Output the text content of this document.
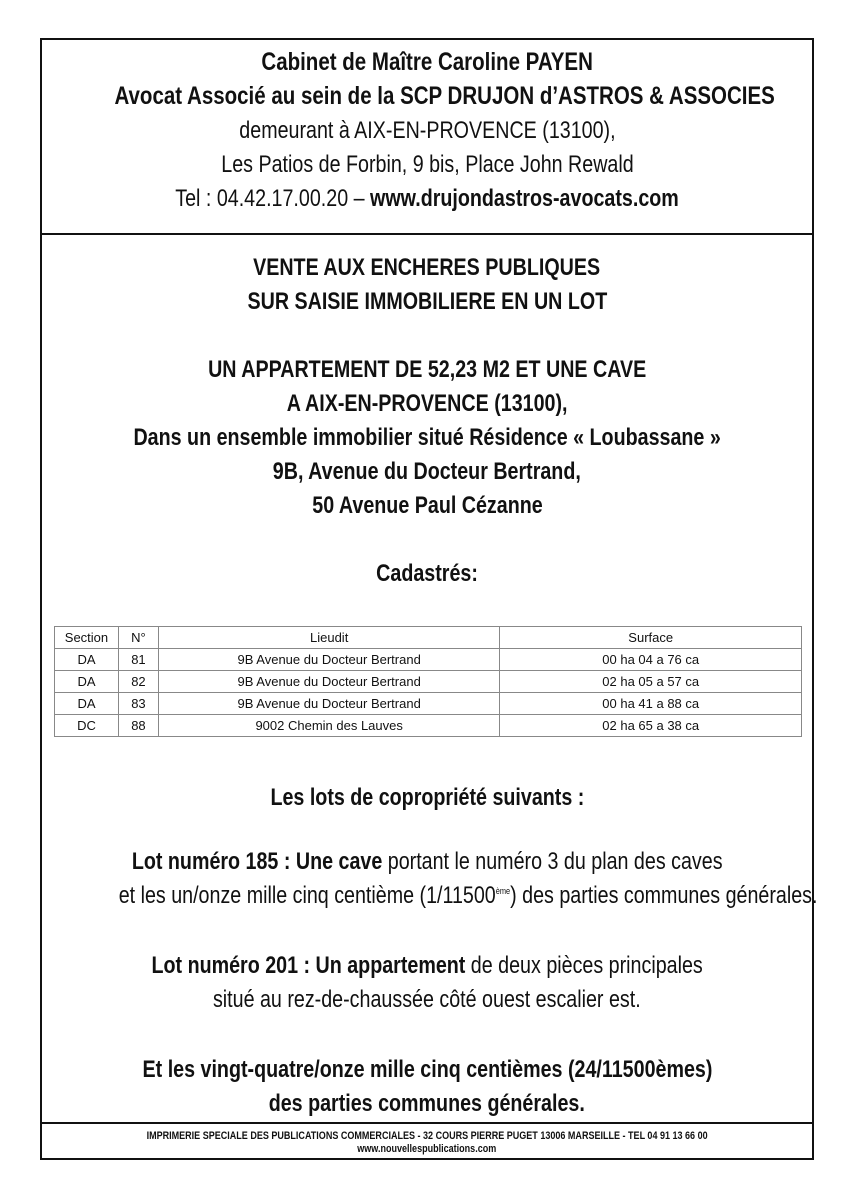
Cabinet de Maître Caroline PAYEN
Avocat Associé au sein de la SCP DRUJON d’ASTROS & ASSOCIES
demeurant à AIX-EN-PROVENCE (13100),
Les Patios de Forbin, 9 bis, Place John Rewald
Tel : 04.42.17.00.20 – www.drujondastros-avocats.com
VENTE AUX ENCHERES PUBLIQUES
SUR SAISIE IMMOBILIERE EN UN LOT
UN APPARTEMENT DE 52,23 M2 ET UNE CAVE
A AIX-EN-PROVENCE (13100),
Dans un ensemble immobilier situé Résidence « Loubassane »
9B, Avenue du Docteur Bertrand,
50 Avenue Paul Cézanne
Cadastrés:
Section	N°	Lieudit	Surface
DA	81	9B Avenue du Docteur Bertrand	00 ha 04 a 76 ca
DA	82	9B Avenue du Docteur Bertrand	02 ha 05 a 57 ca
DA	83	9B Avenue du Docteur Bertrand	00 ha 41 a 88 ca
DC	88	9002 Chemin des Lauves	02 ha 65 a 38 ca
Les lots de copropriété suivants :
Lot numéro 185 : Une cave portant le numéro 3 du plan des caves
et les un/onze mille cinq centième (1/11500ème) des parties communes générales.
Lot numéro 201 : Un appartement de deux pièces principales
situé au rez-de-chaussée côté ouest escalier est.
Et les vingt-quatre/onze mille cinq centièmes (24/11500èmes)
des parties communes générales.
IMPRIMERIE SPECIALE DES PUBLICATIONS COMMERCIALES - 32 COURS PIERRE PUGET 13006 MARSEILLE - TEL 04 91 13 66 00
www.nouvellespublications.com
